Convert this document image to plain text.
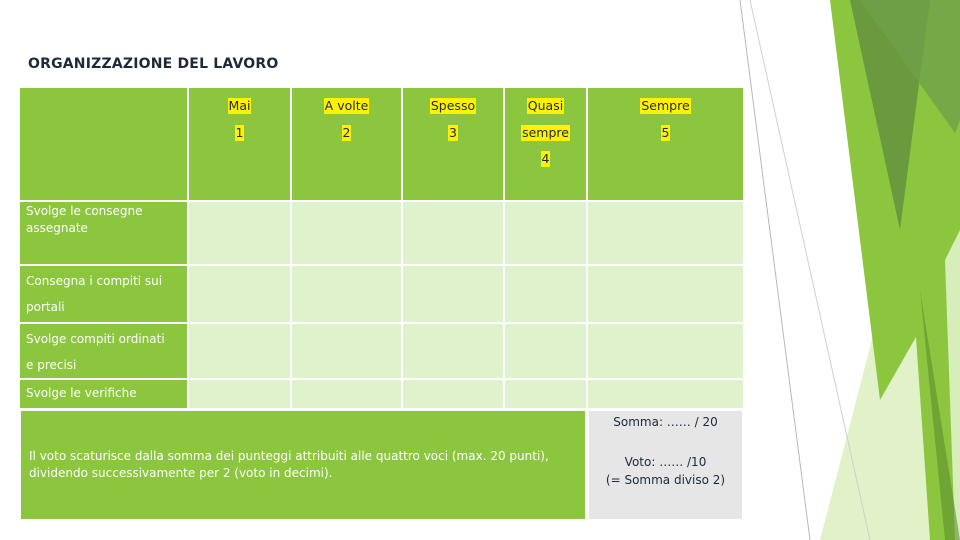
ORGANIZZAZIONE DEL LAVORO
Mai
1
A volte
2
Spesso
3
Quasi
sempre
4
Sempre
5
Svolge le consegne assegnate
Consegna i compiti sui
portali
Svolge compiti ordinati
e precisi
Svolge le verifiche
Il voto scaturisce dalla somma dei punteggi attribuiti alle quattro voci (max. 20 punti), dividendo successivamente per 2 (voto in decimi).
Somma: …… / 20
Voto: …… /10
(= Somma diviso 2)
